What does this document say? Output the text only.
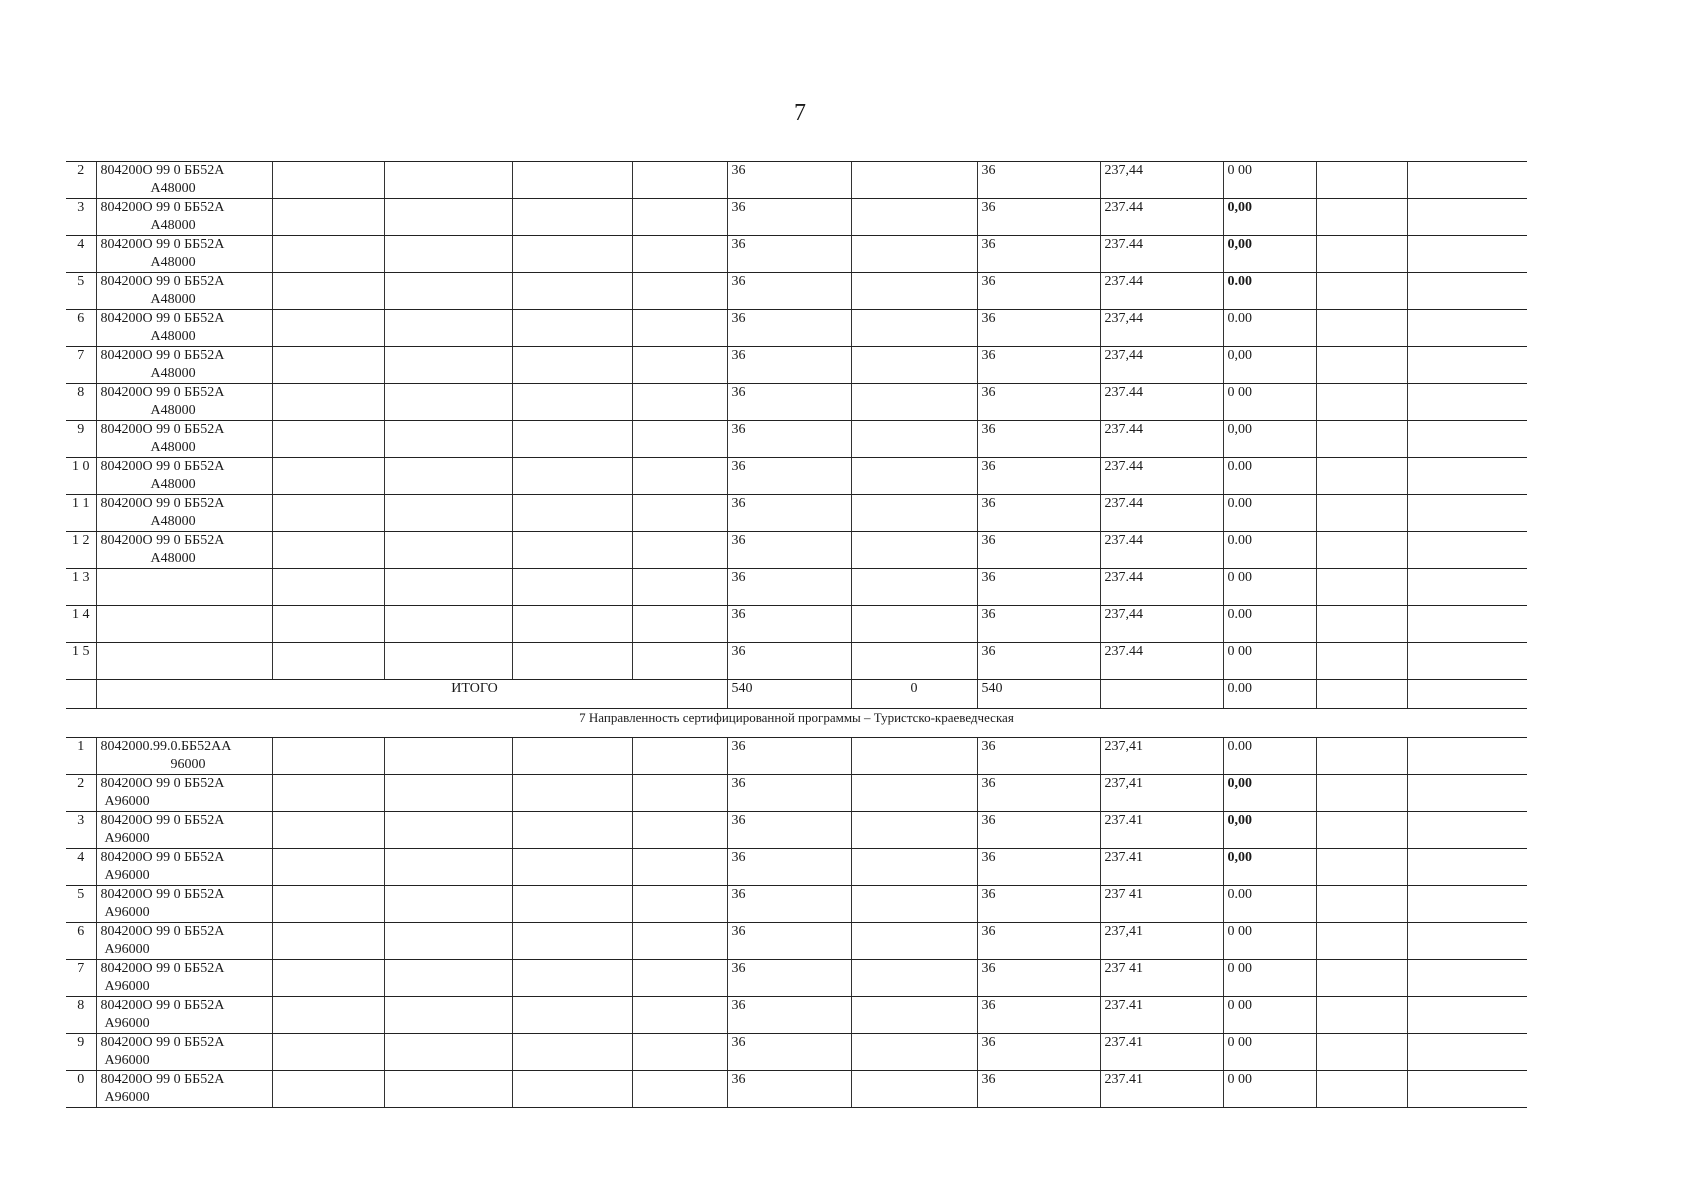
7
2	804200О 99 0 ББ52А
А48000					36		36	237,44	0 00		
3	804200О 99 0 ББ52А
А48000					36		36	237.44	0,00		
4	804200О 99 0 ББ52А
А48000					36		36	237.44	0,00		
5	804200О 99 0 ББ52А
А48000					36		36	237.44	0.00		
6	804200О 99 0 ББ52А
А48000					36		36	237,44	0.00		
7	804200О 99 0 ББ52А
А48000					36		36	237,44	0,00		
8	804200О 99 0 ББ52А
А48000					36		36	237.44	0 00		
9	804200О 99 0 ББ52А
А48000					36		36	237.44	0,00		
1 0	804200О 99 0 ББ52А
А48000					36		36	237.44	0.00		
1 1	804200О 99 0 ББ52А
А48000					36		36	237.44	0.00		
1 2	804200О 99 0 ББ52А
А48000					36		36	237.44	0.00		
1 3						36		36	237.44	0 00		
1 4						36		36	237,44	0.00		
1 5						36		36	237.44	0 00		
	ИТОГО					540	0	540		0.00		
7 Направленность сертифицированной программы – Туристско-краеведческая												
1	8042000.99.0.ББ52АА
96000					36		36	237,41	0.00		
2	804200О 99 0 ББ52А
А96000					36		36	237,41	0,00		
3	804200О 99 0 ББ52А
А96000					36		36	237.41	0,00		
4	804200О 99 0 ББ52А
А96000					36		36	237.41	0,00		
5	804200О 99 0 ББ52А
А96000					36		36	237 41	0.00		
6	804200О 99 0 ББ52А
А96000					36		36	237,41	0 00		
7	804200О 99 0 ББ52А
А96000					36		36	237 41	0 00		
8	804200О 99 0 ББ52А
А96000					36		36	237.41	0 00		
9	804200О 99 0 ББ52А
А96000					36		36	237.41	0 00		
0	804200О 99 0 ББ52А
А96000					36		36	237.41	0 00		
